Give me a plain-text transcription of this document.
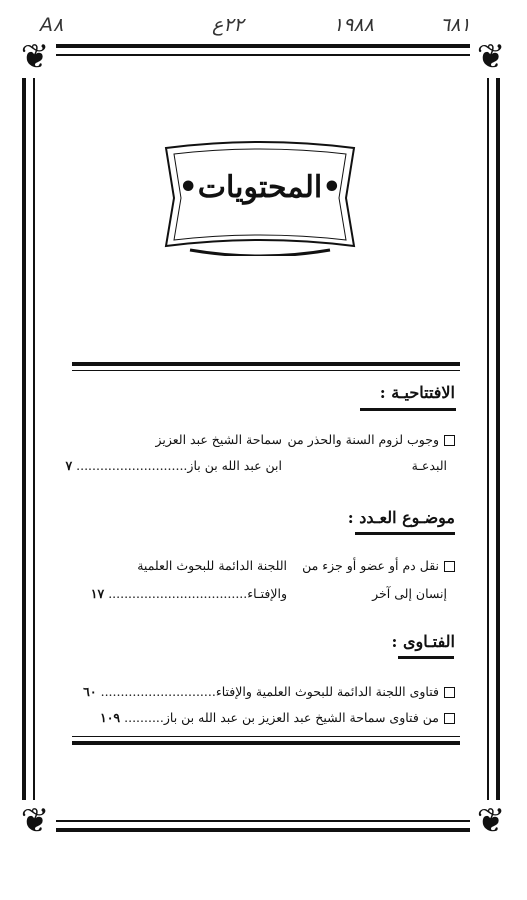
A٨	٢٢ع	١٩٨٨	٦٨١
❦	❦
❦	❦
•المحتويات•
الافتتاحيـة :
وجوب لزوم السنة والحذر من
سماحة الشيخ عبد العزيز
البدعـة
ابن عبد الله بن باز............................ ٧
موضـوع العـدد :
نقل دم أو عضو أو جزء من
اللجنة الدائمة للبحوث العلمية
إنسان إلى آخر
والإفتـاء................................... ١٧
الفتـاوى :
فتاوى اللجنة الدائمة للبحوث العلمية والإفتاء............................. ٦٠
من فتاوى سماحة الشيخ عبد العزيز بن عبد الله بن باز.......... ١٠٩
